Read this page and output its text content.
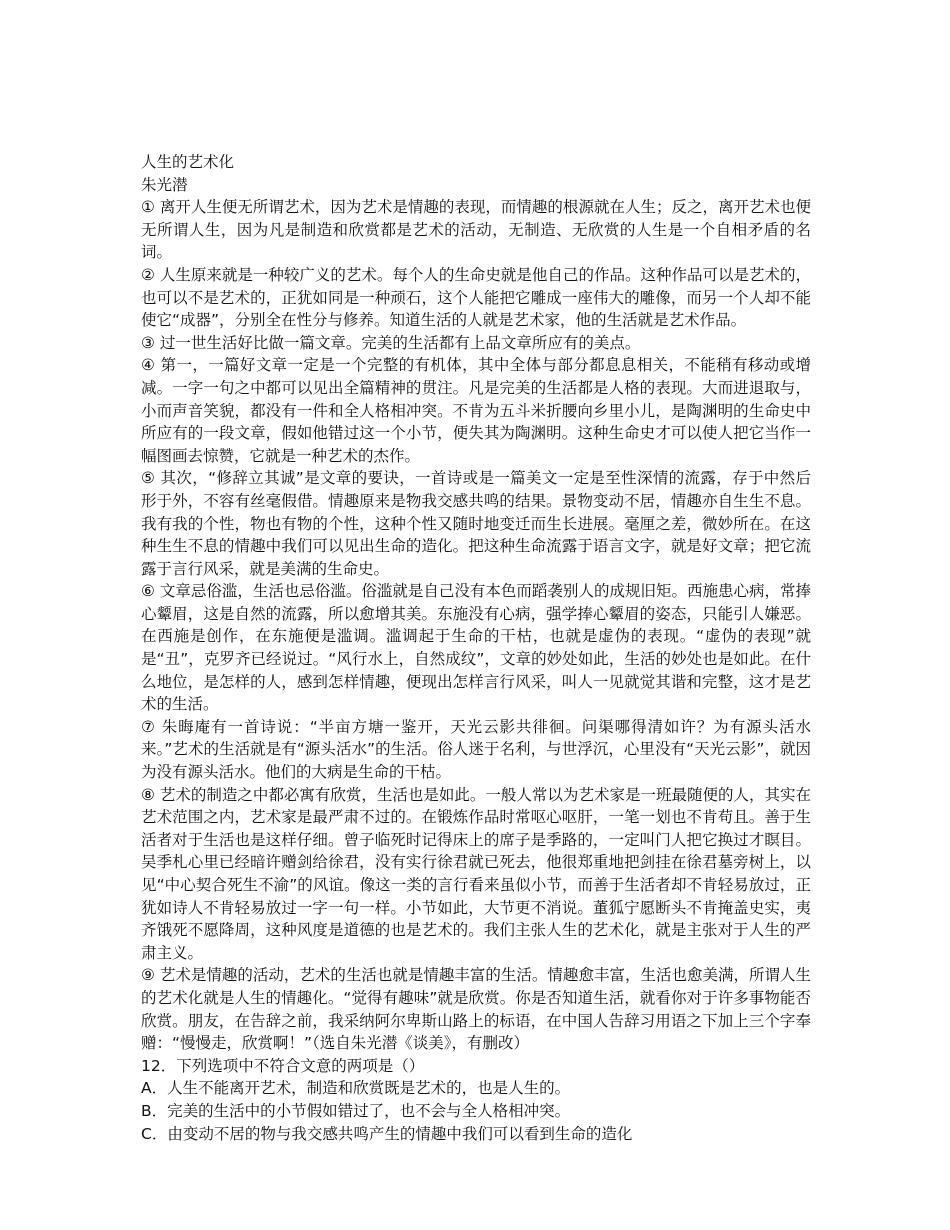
人生的艺术化

朱光潜

① 离开人生便无所谓艺术，因为艺术是情趣的表现，而情趣的根源就在人生；反之，离开艺术也便无所谓人生，因为凡是制造和欣赏都是艺术的活动，无制造、无欣赏的人生是一个自相矛盾的名词。

② 人生原来就是一种较广义的艺术。每个人的生命史就是他自己的作品。这种作品可以是艺术的，也可以不是艺术的，正犹如同是一种顽石，这个人能把它雕成一座伟大的雕像，而另一个人却不能使它“成器”，分别全在性分与修养。知道生活的人就是艺术家，他的生活就是艺术作品。

③ 过一世生活好比做一篇文章。完美的生活都有上品文章所应有的美点。

④ 第一，一篇好文章一定是一个完整的有机体，其中全体与部分都息息相关，不能稍有移动或增减。一字一句之中都可以见出全篇精神的贯注。凡是完美的生活都是人格的表现。大而进退取与，小而声音笑貌，都没有一件和全人格相冲突。不肯为五斗米折腰向乡里小儿，是陶渊明的生命史中所应有的一段文章，假如他错过这一个小节，便失其为陶渊明。这种生命史才可以使人把它当作一幅图画去惊赞，它就是一种艺术的杰作。

⑤ 其次，“修辞立其诚”是文章的要诀，一首诗或是一篇美文一定是至性深情的流露，存于中然后形于外，不容有丝毫假借。情趣原来是物我交感共鸣的结果。景物变动不居，情趣亦自生生不息。我有我的个性，物也有物的个性，这种个性又随时地变迁而生长进展。毫厘之差，微妙所在。在这种生生不息的情趣中我们可以见出生命的造化。把这种生命流露于语言文字，就是好文章；把它流露于言行风采，就是美满的生命史。

⑥ 文章忌俗滥，生活也忌俗滥。俗滥就是自己没有本色而蹈袭别人的成规旧矩。西施患心病，常捧心颦眉，这是自然的流露，所以愈增其美。东施没有心病，强学捧心颦眉的姿态，只能引人嫌恶。在西施是创作，在东施便是滥调。滥调起于生命的干枯，也就是虚伪的表现。“虚伪的表现”就是“丑”，克罗齐已经说过。“风行水上，自然成纹”，文章的妙处如此，生活的妙处也是如此。在什么地位，是怎样的人，感到怎样情趣，便现出怎样言行风采，叫人一见就觉其谐和完整，这才是艺术的生活。

⑦ 朱晦庵有一首诗说：“半亩方塘一鉴开，天光云影共徘徊。问渠哪得清如许？为有源头活水来。”艺术的生活就是有“源头活水”的生活。俗人迷于名利，与世浮沉，心里没有“天光云影”，就因为没有源头活水。他们的大病是生命的干枯。

⑧ 艺术的制造之中都必寓有欣赏，生活也是如此。一般人常以为艺术家是一班最随便的人，其实在艺术范围之内，艺术家是最严肃不过的。在锻炼作品时常呕心呕肝，一笔一划也不肯苟且。善于生活者对于生活也是这样仔细。曾子临死时记得床上的席子是季路的，一定叫门人把它换过才瞑目。吴季札心里已经暗许赠剑给徐君，没有实行徐君就已死去，他很郑重地把剑挂在徐君墓旁树上，以见“中心契合死生不渝”的风谊。像这一类的言行看来虽似小节，而善于生活者却不肯轻易放过，正犹如诗人不肯轻易放过一字一句一样。小节如此，大节更不消说。董狐宁愿断头不肯掩盖史实，夷齐饿死不愿降周，这种风度是道德的也是艺术的。我们主张人生的艺术化，就是主张对于人生的严肃主义。

⑨ 艺术是情趣的活动，艺术的生活也就是情趣丰富的生活。情趣愈丰富，生活也愈美满，所谓人生的艺术化就是人生的情趣化。“觉得有趣味”就是欣赏。你是否知道生活，就看你对于许多事物能否欣赏。朋友，在告辞之前，我采纳阿尔卑斯山路上的标语，在中国人告辞习用语之下加上三个字奉赠：“慢慢走，欣赏啊！”（选自朱光潜《谈美》，有删改）

12．下列选项中不符合文意的两项是（）

A．人生不能离开艺术，制造和欣赏既是艺术的，也是人生的。

B．完美的生活中的小节假如错过了，也不会与全人格相冲突。

C．由变动不居的物与我交感共鸣产生的情趣中我们可以看到生命的造化
